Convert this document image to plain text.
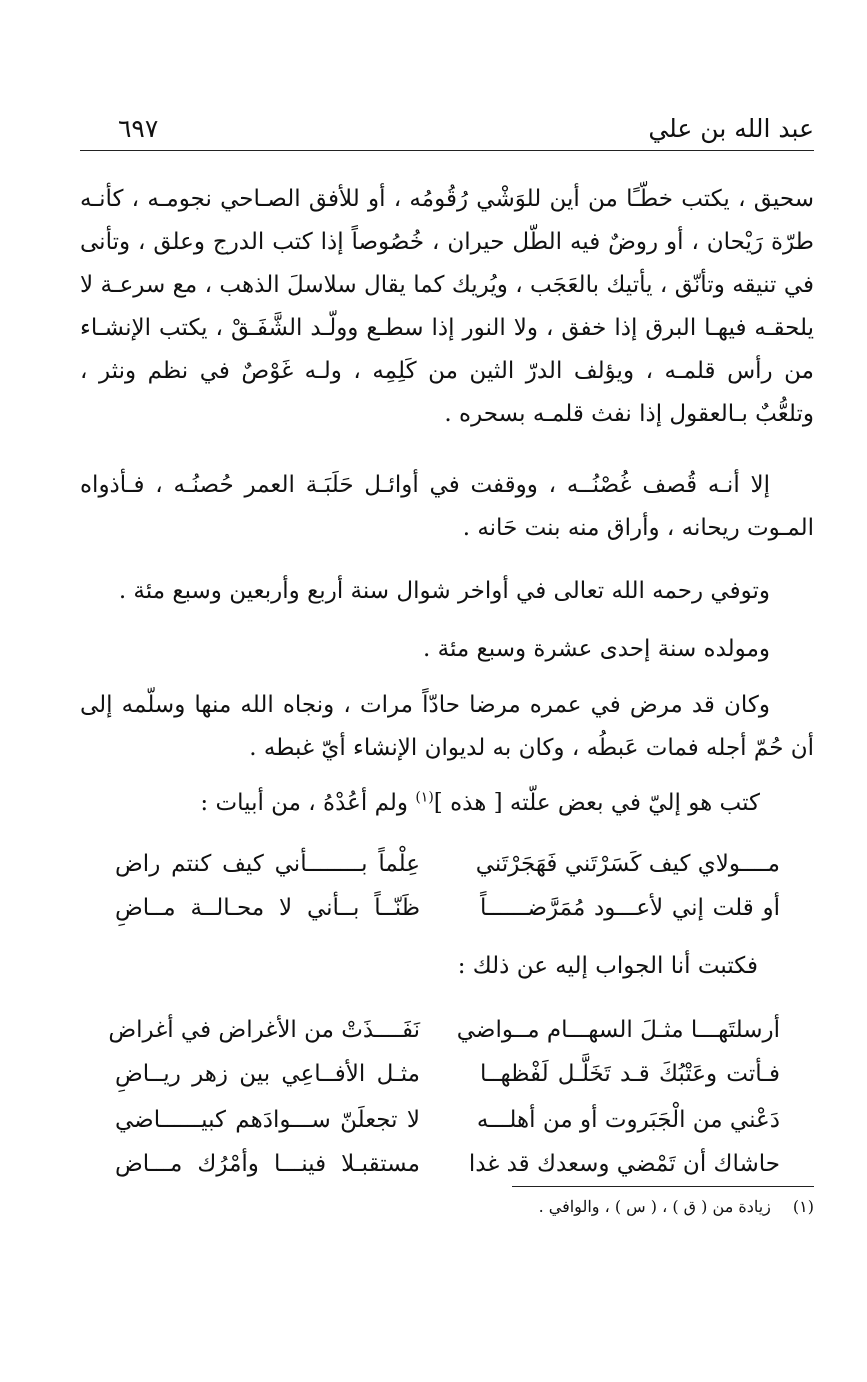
عبد الله بن علي
٦٩٧

سحيق ، يكتب خطّـًا من أين للوَشْي رُقُومُه ، أو للأفق الصـاحي نجومـه ، كأنـه طرّة رَيْحان ، أو روضٌ فيه الطّل حيران ، خُصُوصاً إذا كتب الدرج وعلق ، وتأنى في تنيقه وتأنّق ، يأتيك بالعَجَب ، ويُريك كما يقال سلاسلَ الذهب ، مع سرعـة لا يلحقـه فيهـا البرق إذا خفق ، ولا النور إذا سطـع وولّـد الشَّفَـقْ ، يكتب الإنشـاء من رأس قلمـه ، ويؤلف الدرّ الثين من كَلِمِه ، ولـه غَوْصٌ في نظم ونثر ، وتلعُّبٌ بـالعقول إذا نفث قلمـه بسحره .

إلا أنـه قُصف غُصْنُــه ، ووقفت في أوائـل حَلَبَـة العمر حُصنُـه ، فـأذواه المـوت ريحانه ، وأراق منه بنت حَانه .

وتوفي رحمه الله تعالى في أواخر شوال سنة أربع وأربعين وسبع مئة .

ومولده سنة إحدى عشرة وسبع مئة .

وكان قد مرض في عمره مرضا حادّاً مرات ، ونجاه الله منها وسلّمه إلى أن حُمّ أجله فمات عَبطُه ، وكان به لديوان الإنشاء أيّ غبطه .

كتب هو إليّ في بعض علّته [ هذه ]$^{(١)}$ ولم أعُدْهُ ، من أبيات :

مــــولاي كيف كَسَرْتَني فَهَجَرْتَني
عِلْماً بــــــــأني كيف كنتم راض
أو قلت إني لأعـــود مُمَرَّضــــــاً
ظَنّــاً بــأني لا محـالــة مــاضِ

فكتبت أنا الجواب إليه عن ذلك :

أرسلتَهـــا مثـلَ السهـــام مــواضي
نَفَــــذَتْ من الأغراض في أغراض
فـأتت وعَتْبُكَ قـد تَخَلَّـل لَفْظهــا
مثـل الأفــاعِي بين زهر ريــاضِ
دَعْني من الْجَبَروت أو من أهلـــه
لا تجعلَنّ ســـوادَهم كبيــــــاضي
حاشاك أن تَمْضي وسعدك قد غدا
مستقبـلا فينـــا وأمْرُك مـــاض
(١)زيادة من ( ق ) ، ( س ) ، والوافي .
